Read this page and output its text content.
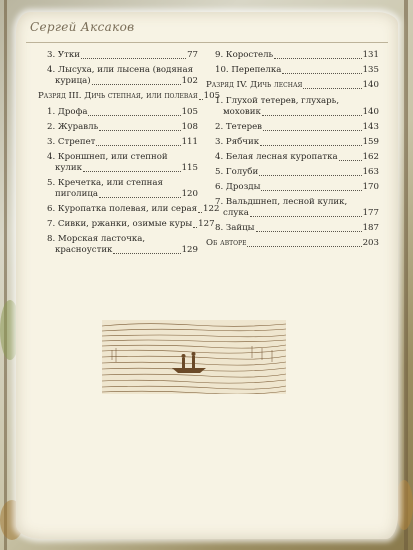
Сергей Аксаков
3. Утки	77
4. Лысуха, или лысена (водяная
курица)	102
Разряд III. Дичь степная, или полевая 105
1. Дрофа	105
2. Журавль	108
3. Стрепет	111
4. Кроншнеп, или степной
кулик	115
5. Кречетка, или степная
пиголица	120
6. Куропатка полевая, или серая 122
7. Сивки, ржанки, озимые куры 127
8. Морская ласточка,
красноустик	129
9. Коростель	131
10. Перепелка	135
Разряд IV. Дичь лесная	140
1. Глухой тетерев, глухарь,
моховик	140
2. Тетерев	143
3. Рябчик	159
4. Белая лесная куропатка	162
5. Голуби	163
6. Дрозды	170
7. Вальдшнеп, лесной кулик,
слука	177
8. Зайцы	187
Об авторе	203
